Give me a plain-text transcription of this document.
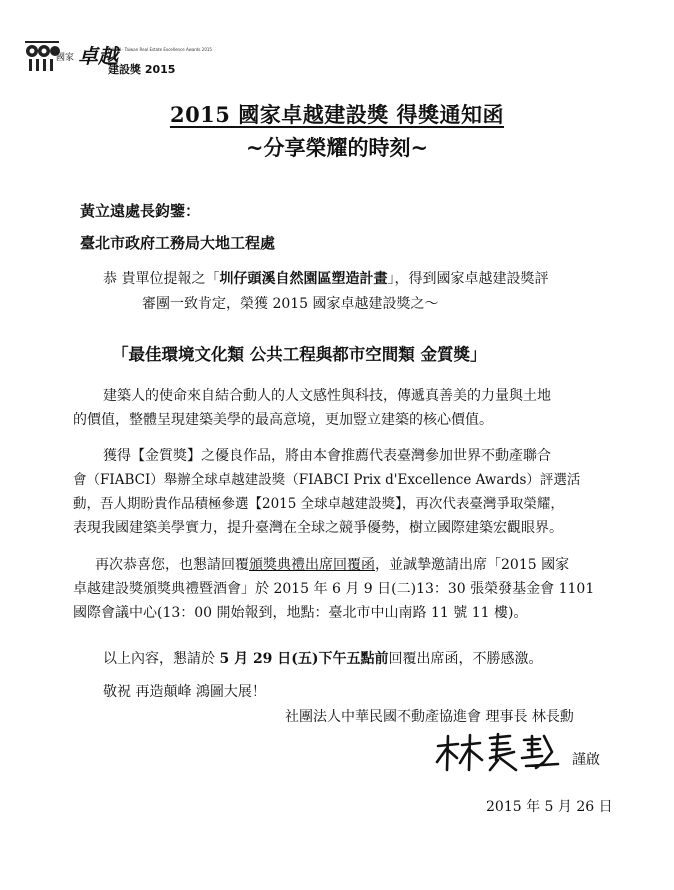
國家 卓越
FIABCI · Taiwan Real Estate Excellence Awards 2015
建設獎 2015
2015 國家卓越建設獎 得獎通知函
~分享榮耀的時刻~
黃立遠處長鈞鑒：
臺北市政府工務局大地工程處
恭 貴單位提報之「圳仔頭溪自然園區塑造計畫」，得到國家卓越建設獎評
審團一致肯定，榮獲 2015 國家卓越建設獎之～
「最佳環境文化類 公共工程與都市空間類 金質獎」
建築人的使命來自結合動人的人文感性與科技，傳遞真善美的力量與土地
的價值，整體呈現建築美學的最高意境，更加豎立建築的核心價值。
獲得【金質獎】之優良作品，將由本會推薦代表臺灣參加世界不動產聯合
會（FIABCI）舉辦全球卓越建設獎（FIABCI Prix d'Excellence Awards）評選活
動，吾人期盼貴作品積極參選【2015 全球卓越建設獎】，再次代表臺灣爭取榮耀，
表現我國建築美學實力，提升臺灣在全球之競爭優勢，樹立國際建築宏觀眼界。
再次恭喜您，也懇請回覆頒獎典禮出席回覆函，並誠摯邀請出席「2015 國家
卓越建設獎頒獎典禮暨酒會」於 2015 年 6 月 9 日(二)13：30 張榮發基金會 1101
國際會議中心(13：00 開始報到，地點：臺北市中山南路 11 號 11 樓)。
以上內容，懇請於 5 月 29 日(五)下午五點前回覆出席函，不勝感激。
敬祝 再造顛峰 鴻圖大展！
社團法人中華民國不動產協進會 理事長 林長勳
謹啟
2015 年 5 月 26 日
